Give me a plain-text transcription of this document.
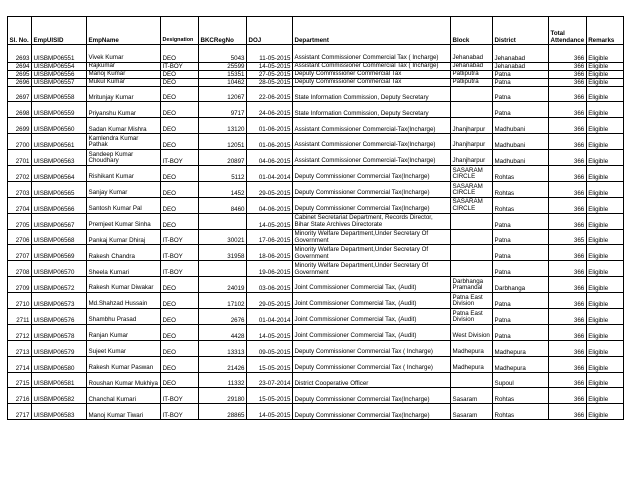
Sl. No.	EmpUISID	EmpName	Designation	BKCRegNo	DOJ	Department	Block	District	Total Attendance	Remarks
2693	UISBMP06551	Vivek Kumar	DEO	5043	11-05-2015	Assistant Commissioner Commercial Tax ( Incharge)	Jehanabad	Jehanabad	366	Eligible
2694	UISBMP06554	Rajkumar	IT-BOY	25599	14-05-2015	Assistant Commissioner Commercial Tax ( Incharge)	Jehanabad	Jehanabad	366	Eligible
2695	UISBMP06556	Manoj Kumar	DEO	15351	27-05-2015	Deputy Commissioner Commercial Tax	Patliputra	Patna	366	Eligible
2696	UISBMP06557	Mukul Kumar	DEO	10462	28-05-2015	Deputy Commissioner Commercial Tax	Patliputra	Patna	366	Eligible
2697	UISBMP06558	Mritunjay Kumar	DEO	12067	22-06-2015	State Information Commission, Deputy Secretary		Patna	366	Eligible
2698	UISBMP06559	Priyanshu Kumar	DEO	9717	24-06-2015	State Information Commission, Deputy Secretary		Patna	366	Eligible
2699	UISBMP06560	Sadan Kumar Mishra	DEO	13120	01-06-2015	Assistant Commissioner Commercial-Tax(Incharge)	Jhanjharpur	Madhubani	366	Eligible
2700	UISBMP06561	Kamlendra Kumar Pathak	DEO	12051	01-06-2015	Assistant Commissioner Commercial-Tax(Incharge)	Jhanjharpur	Madhubani	366	Eligible
2701	UISBMP06563	Sandeep Kumar Choudhary	IT-BOY	20897	04-06-2015	Assistant Commissioner Commercial-Tax(Incharge)	Jhanjharpur	Madhubani	366	Eligible
2702	UISBMP06564	Rishikant Kumar	DEO	5112	01-04-2014	Deputy Commissioner Commercial Tax(Incharge)	SASARAM CIRCLE	Rohtas	366	Eligible
2703	UISBMP06565	Sanjay Kumar	DEO	1452	29-05-2015	Deputy Commissioner Commercial Tax(Incharge)	SASARAM CIRCLE	Rohtas	366	Eligible
2704	UISBMP06566	Santosh Kumar Pal	DEO	8460	04-06-2015	Deputy Commissioner Commercial Tax(Incharge)	SASARAM CIRCLE	Rohtas	366	Eligible
2705	UISBMP06567	Premjeet Kumar Sinha	DEO		14-05-2015	Cabinet Secretariat Department, Records Director, Bihar State Archives Directorate		Patna	366	Eligible
2706	UISBMP06568	Pankaj Kumar Dhiraj	IT-BOY	30021	17-06-2015	Minority Welfare Department,Under Secretary Of Government		Patna	365	Eligible
2707	UISBMP06569	Rakesh Chandra	IT-BOY	31958	18-06-2015	Minority Welfare Department,Under Secretary Of Government		Patna	366	Eligible
2708	UISBMP06570	Sheela Kumari	IT-BOY		19-06-2015	Minority Welfare Department,Under Secretary Of Government		Patna	366	Eligible
2709	UISBMP06572	Rakesh Kumar Diwakar	DEO	24019	03-06-2015	Joint Commissioner Commercial Tax, (Audit)	Darbhanga Pramandal	Darbhanga	366	Eligible
2710	UISBMP06573	Md.Shahzad Hussain	DEO	17102	29-05-2015	Joint Commissioner Commercial Tax, (Audit)	Patna East Division	Patna	366	Eligible
2711	UISBMP06576	Shambhu Prasad	DEO	2676	01-04-2014	Joint Commissioner Commercial Tax, (Audit)	Patna East Division	Patna	366	Eligible
2712	UISBMP06578	Ranjan Kumar	DEO	4428	14-05-2015	Joint Commissioner Commercial Tax, (Audit)	West Division	Patna	366	Eligible
2713	UISBMP06579	Sujeet Kumar	DEO	13313	09-05-2015	Deputy Commissioner Commercial Tax ( Incharge)	Madhepura	Madhepura	366	Eligible
2714	UISBMP06580	Rakesh Kumar Paswan	DEO	21426	15-05-2015	Deputy Commissioner Commercial Tax ( Incharge)	Madhepura	Madhepura	366	Eligible
2715	UISBMP06581	Roushan Kumar Mukhiya	DEO	11332	23-07-2014	District Cooperative Officer		Supoul	366	Eligible
2716	UISBMP06582	Chanchal Kumari	IT-BOY	29180	15-05-2015	Deputy Commissioner Commercial Tax(Incharge)	Sasaram	Rohtas	366	Eligible
2717	UISBMP06583	Manoj Kumar Tiwari	IT-BOY	28865	14-05-2015	Deputy Commissioner Commercial Tax(Incharge)	Sasaram	Rohtas	366	Eligible
